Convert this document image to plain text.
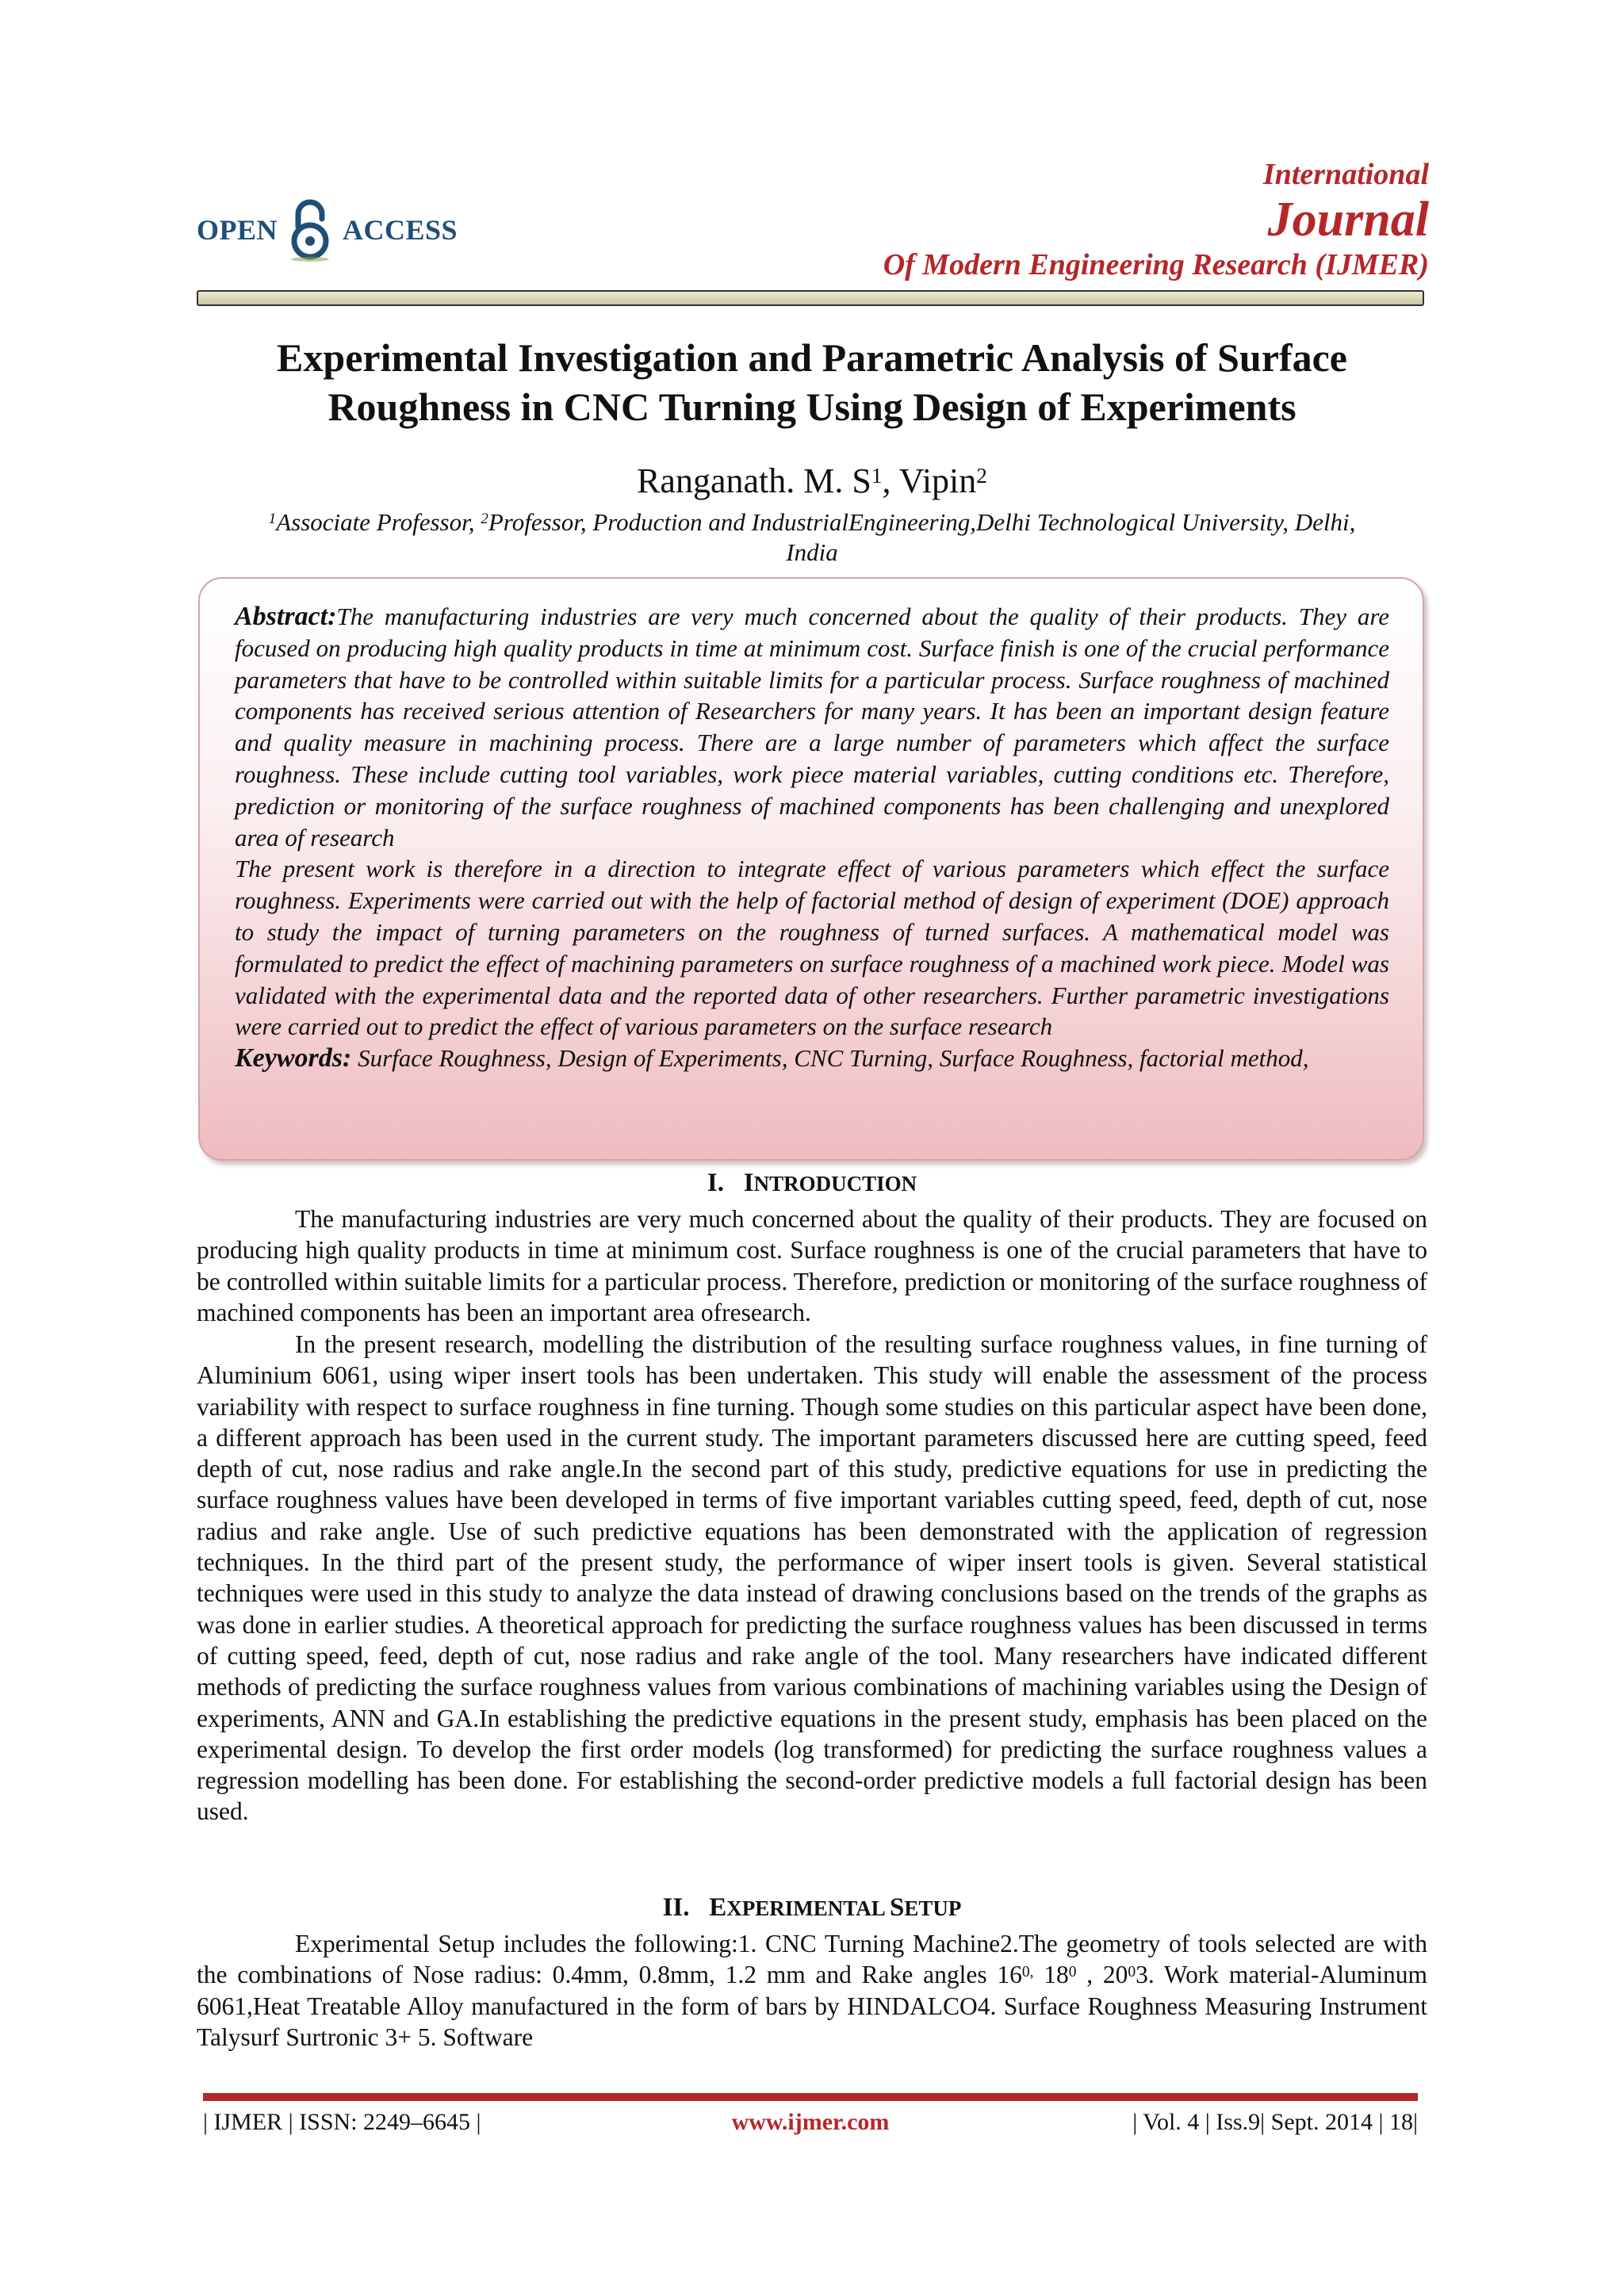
OPEN ACCESS
International
Journal
Of Modern Engineering Research (IJMER)
Experimental Investigation and Parametric Analysis of Surface
Roughness in CNC Turning Using Design of Experiments
Ranganath. M. $S^1$, Vipin$^2$
$^1$Associate Professor, $^2$Professor, Production and IndustrialEngineering,Delhi Technological University, Delhi,
India

Abstract:The manufacturing industries are very much concerned about the quality of their products. They are focused on producing high quality products in time at minimum cost. Surface finish is one of the crucial performance parameters that have to be controlled within suitable limits for a particular process. Surface roughness of machined components has received serious attention of Researchers for many years. It has been an important design feature and quality measure in machining process. There are a large number of parameters which affect the surface roughness. These include cutting tool variables, work piece material variables, cutting conditions etc. Therefore, prediction or monitoring of the surface roughness of machined components has been challenging and unexplored area of research

The present work is therefore in a direction to integrate effect of various parameters which effect the surface roughness. Experiments were carried out with the help of factorial method of design of experiment (DOE) approach to study the impact of turning parameters on the roughness of turned surfaces. A mathematical model was formulated to predict the effect of machining parameters on surface roughness of a machined work piece. Model was validated with the experimental data and the reported data of other researchers. Further parametric investigations were carried out to predict the effect of various parameters on the surface research

Keywords: Surface Roughness, Design of Experiments, CNC Turning, Surface Roughness, factorial method,

I. INTRODUCTION

The manufacturing industries are very much concerned about the quality of their products. They are focused on producing high quality products in time at minimum cost. Surface roughness is one of the crucial parameters that have to be controlled within suitable limits for a particular process. Therefore, prediction or monitoring of the surface roughness of machined components has been an important area ofresearch.

In the present research, modelling the distribution of the resulting surface roughness values, in fine turning of Aluminium 6061, using wiper insert tools has been undertaken. This study will enable the assessment of the process variability with respect to surface roughness in fine turning. Though some studies on this particular aspect have been done, a different approach has been used in the current study. The important parameters discussed here are cutting speed, feed depth of cut, nose radius and rake angle.In the second part of this study, predictive equations for use in predicting the surface roughness values have been developed in terms of five important variables cutting speed, feed, depth of cut, nose radius and rake angle. Use of such predictive equations has been demonstrated with the application of regression techniques. In the third part of the present study, the performance of wiper insert tools is given. Several statistical techniques were used in this study to analyze the data instead of drawing conclusions based on the trends of the graphs as was done in earlier studies. A theoretical approach for predicting the surface roughness values has been discussed in terms of cutting speed, feed, depth of cut, nose radius and rake angle of the tool. Many researchers have indicated different methods of predicting the surface roughness values from various combinations of machining variables using the Design of experiments, ANN and GA.In establishing the predictive equations in the present study, emphasis has been placed on the experimental design. To develop the first order models (log transformed) for predicting the surface roughness values a regression modelling has been done. For establishing the second-order predictive models a full factorial design has been used.

II. EXPERIMENTAL SETUP

Experimental Setup includes the following:1. CNC Turning Machine2.The geometry of tools selected are with the combinations of Nose radius: 0.4mm, 0.8mm, 1.2 mm and Rake angles $16^{0,}$ $18^0$ , $20^03$. Work material-Aluminum 6061,Heat Treatable Alloy manufactured in the form of bars by HINDALCO4. Surface Roughness Measuring Instrument Talysurf Surtronic 3+ 5. Software

| IJMER | ISSN: 2249–6645 |	www.ijmer.com	| Vol. 4 | Iss.9| Sept. 2014 | 18|
